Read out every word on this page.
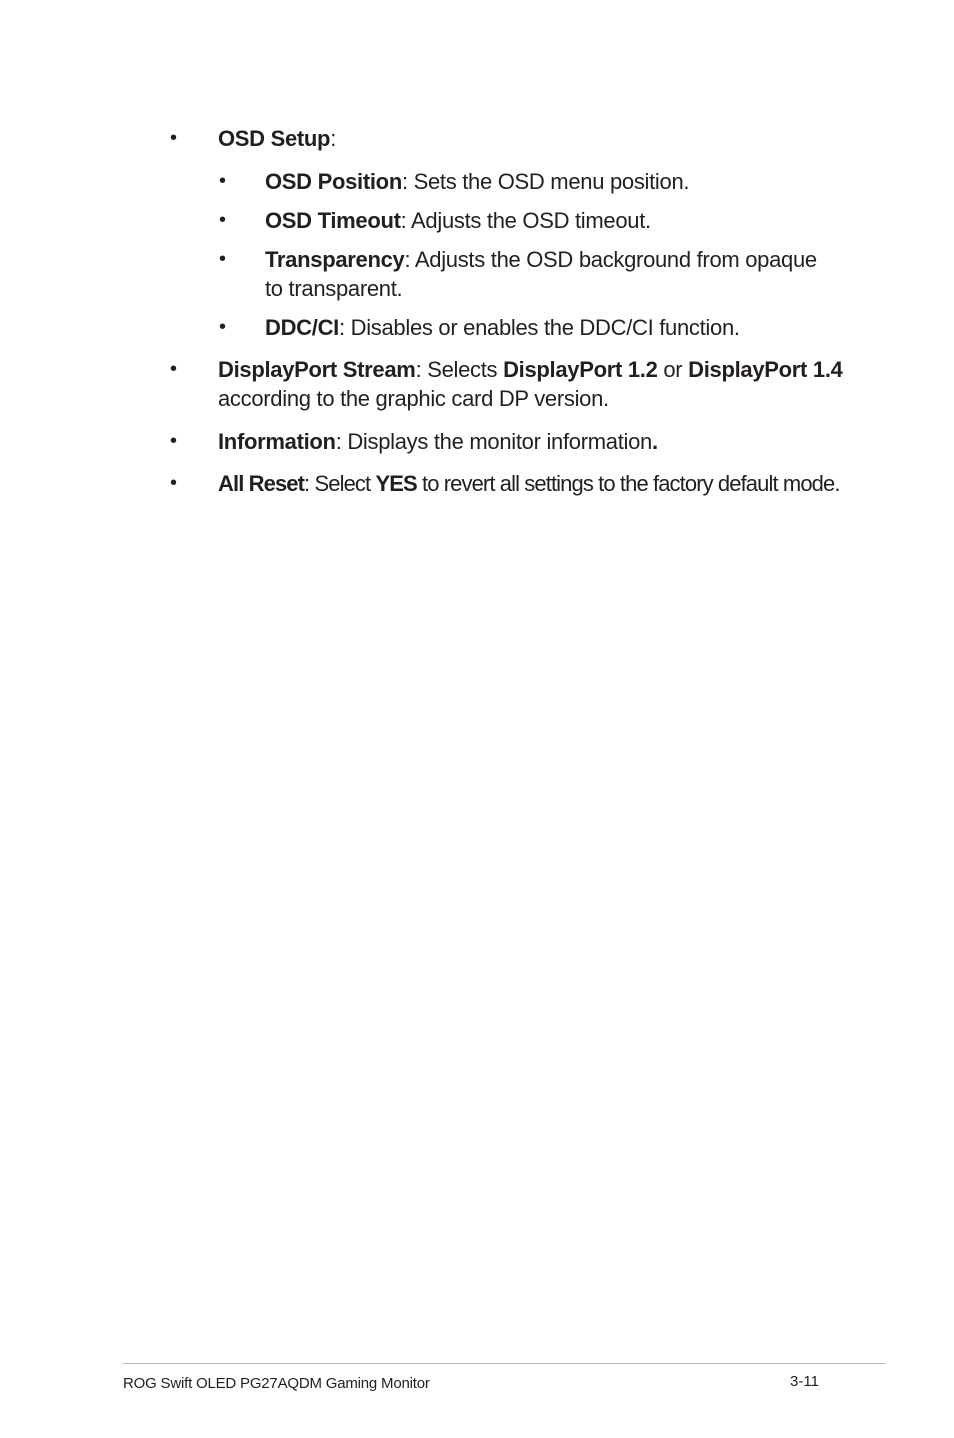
• OSD Setup:
• OSD Position: Sets the OSD menu position.
• OSD Timeout: Adjusts the OSD timeout.
• Transparency: Adjusts the OSD background from opaque
to transparent.
• DDC/CI: Disables or enables the DDC/CI function.
• DisplayPort Stream: Selects DisplayPort 1.2 or DisplayPort 1.4
according to the graphic card DP version.
• Information: Displays the monitor information.
• All Reset: Select YES to revert all settings to the factory default mode.
ROG Swift OLED PG27AQDM Gaming Monitor	3-11
